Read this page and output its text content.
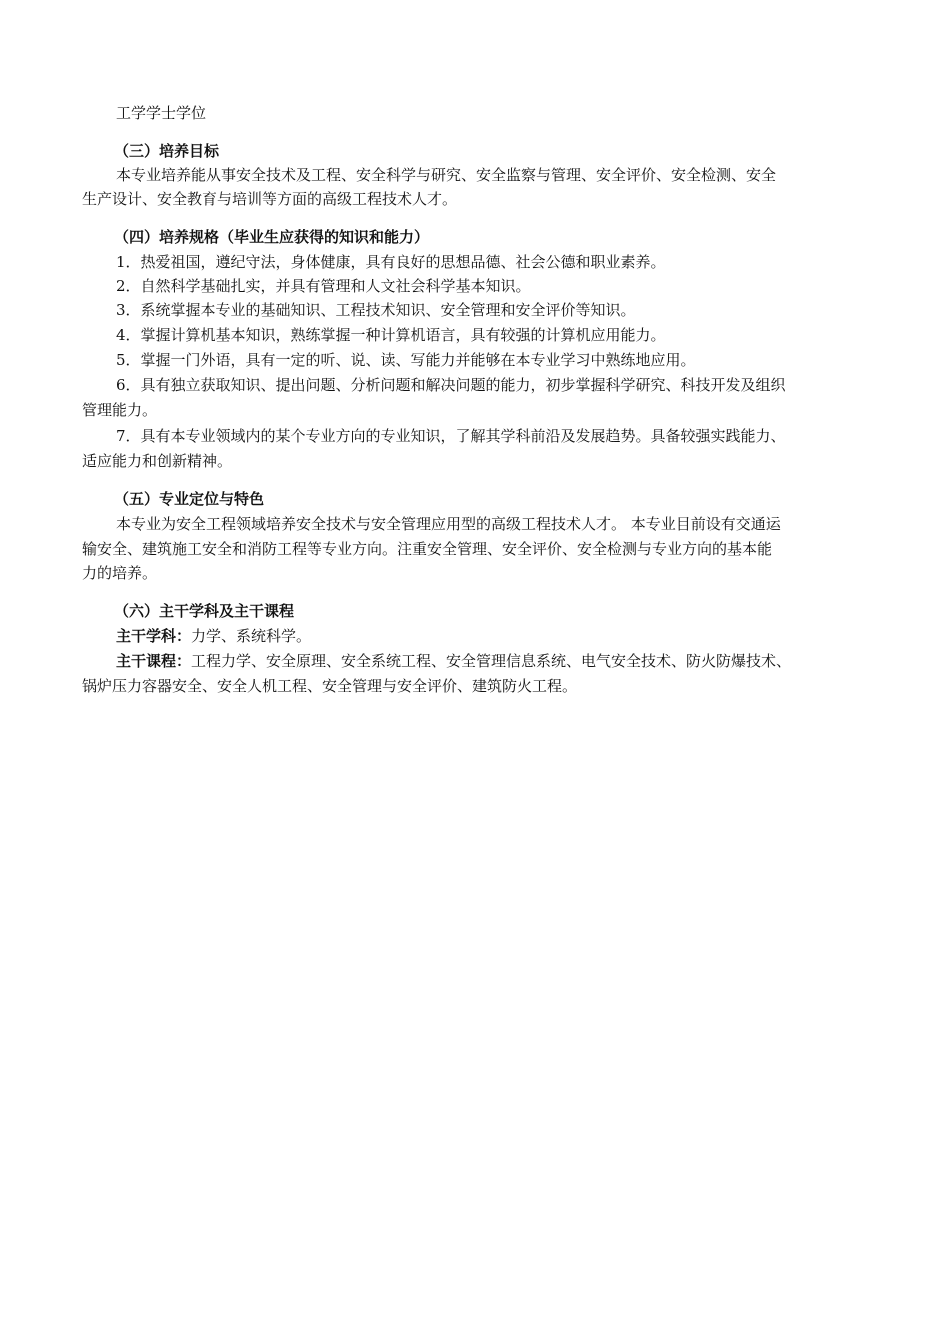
工学学士学位
（三）培养目标
本专业培养能从事安全技术及工程、安全科学与研究、安全监察与管理、安全评价、安全检测、安全
生产设计、安全教育与培训等方面的高级工程技术人才。
（四）培养规格（毕业生应获得的知识和能力）
1．热爱祖国，遵纪守法，身体健康，具有良好的思想品德、社会公德和职业素养。
2．自然科学基础扎实，并具有管理和人文社会科学基本知识。
3．系统掌握本专业的基础知识、工程技术知识、安全管理和安全评价等知识。
4．掌握计算机基本知识，熟练掌握一种计算机语言，具有较强的计算机应用能力。
5．掌握一门外语，具有一定的听、说、读、写能力并能够在本专业学习中熟练地应用。
6．具有独立获取知识、提出问题、分析问题和解决问题的能力，初步掌握科学研究、科技开发及组织
管理能力。
7．具有本专业领域内的某个专业方向的专业知识，了解其学科前沿及发展趋势。具备较强实践能力、
适应能力和创新精神。
（五）专业定位与特色
本专业为安全工程领域培养安全技术与安全管理应用型的高级工程技术人才。 本专业目前设有交通运
输安全、建筑施工安全和消防工程等专业方向。注重安全管理、安全评价、安全检测与专业方向的基本能
力的培养。
（六）主干学科及主干课程
主干学科：力学、系统科学。
主干课程：工程力学、安全原理、安全系统工程、安全管理信息系统、电气安全技术、防火防爆技术、
锅炉压力容器安全、安全人机工程、安全管理与安全评价、建筑防火工程。
